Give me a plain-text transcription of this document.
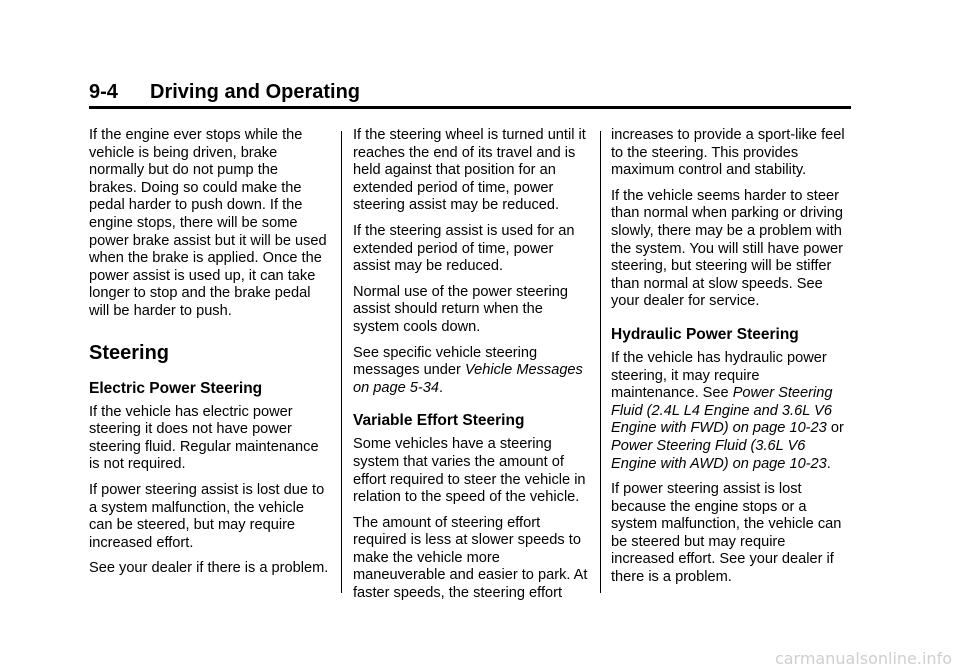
9-4 Driving and Operating

If the engine ever stops while the vehicle is being driven, brake normally but do not pump the brakes. Doing so could make the pedal harder to push down. If the engine stops, there will be some power brake assist but it will be used when the brake is applied. Once the power assist is used up, it can take longer to stop and the brake pedal will be harder to push.

Steering
Electric Power Steering

If the vehicle has electric power steering it does not have power steering fluid. Regular maintenance is not required.

If power steering assist is lost due to a system malfunction, the vehicle can be steered, but may require increased effort.

See your dealer if there is a problem.

If the steering wheel is turned until it reaches the end of its travel and is held against that position for an extended period of time, power steering assist may be reduced.

If the steering assist is used for an extended period of time, power assist may be reduced.

Normal use of the power steering assist should return when the system cools down.

See specific vehicle steering messages under Vehicle Messages on page 5-34.

Variable Effort Steering

Some vehicles have a steering system that varies the amount of effort required to steer the vehicle in relation to the speed of the vehicle.

The amount of steering effort required is less at slower speeds to make the vehicle more maneuverable and easier to park. At faster speeds, the steering effort

increases to provide a sport-like feel to the steering. This provides maximum control and stability.

If the vehicle seems harder to steer than normal when parking or driving slowly, there may be a problem with the system. You will still have power steering, but steering will be stiffer than normal at slow speeds. See your dealer for service.

Hydraulic Power Steering

If the vehicle has hydraulic power steering, it may require maintenance. See Power Steering Fluid (2.4L L4 Engine and 3.6L V6 Engine with FWD) on page 10-23 or Power Steering Fluid (3.6L V6 Engine with AWD) on page 10-23.

If power steering assist is lost because the engine stops or a system malfunction, the vehicle can be steered but may require increased effort. See your dealer if there is a problem.

carmanualsonline.info
